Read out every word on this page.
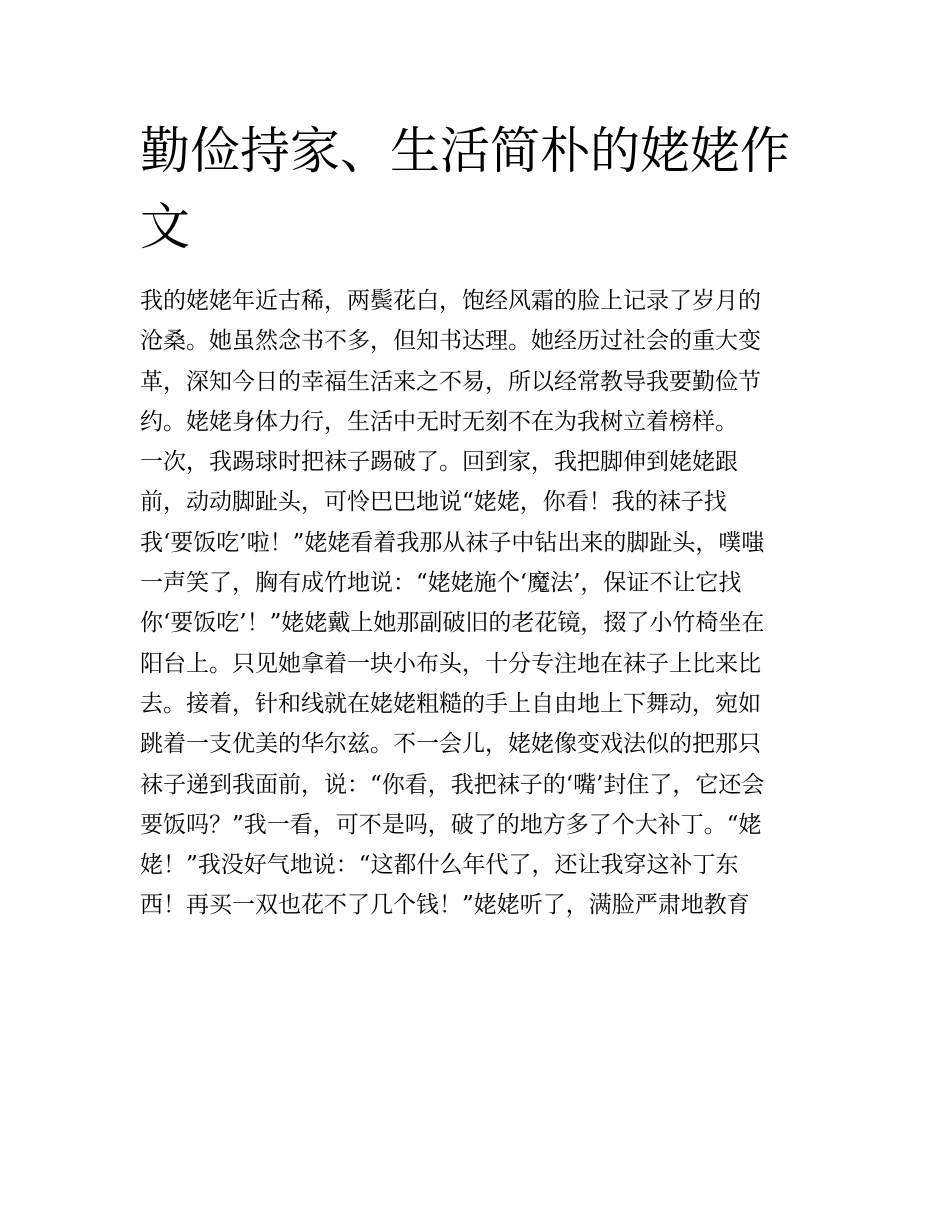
勤俭持家、生活简朴的姥姥作
文
我的姥姥年近古稀，两鬓花白，饱经风霜的脸上记录了岁月的
沧桑。她虽然念书不多，但知书达理。她经历过社会的重大变
革，深知今日的幸福生活来之不易，所以经常教导我要勤俭节
约。姥姥身体力行，生活中无时无刻不在为我树立着榜样。
一次，我踢球时把袜子踢破了。回到家，我把脚伸到姥姥跟
前，动动脚趾头，可怜巴巴地说“姥姥，你看！我的袜子找
我‘要饭吃’啦！”姥姥看着我那从袜子中钻出来的脚趾头，噗嗤
一声笑了，胸有成竹地说：“姥姥施个‘魔法’，保证不让它找
你‘要饭吃’！”姥姥戴上她那副破旧的老花镜，掇了小竹椅坐在
阳台上。只见她拿着一块小布头，十分专注地在袜子上比来比
去。接着，针和线就在姥姥粗糙的手上自由地上下舞动，宛如
跳着一支优美的华尔兹。不一会儿，姥姥像变戏法似的把那只
袜子递到我面前，说：“你看，我把袜子的‘嘴’封住了，它还会
要饭吗？”我一看，可不是吗，破了的地方多了个大补丁。“姥
姥！”我没好气地说：“这都什么年代了，还让我穿这补丁东
西！再买一双也花不了几个钱！”姥姥听了，满脸严肃地教育
